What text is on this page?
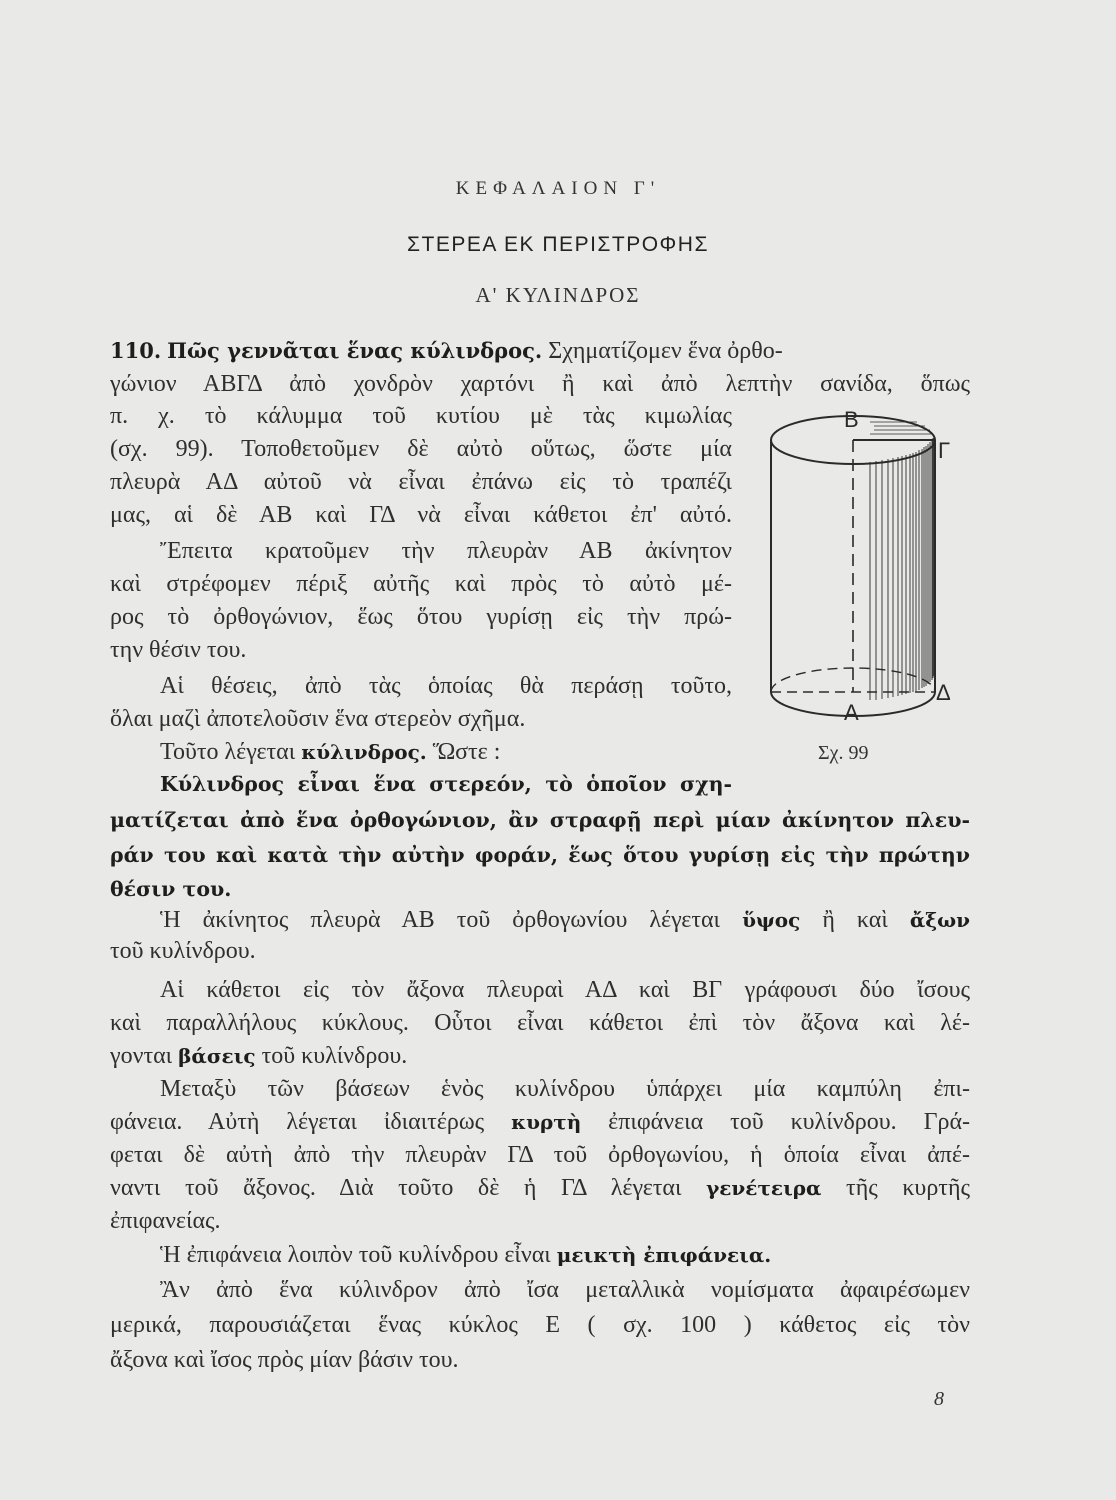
ΚΕΦΑΛΑΙΟΝ Γ'
ΣΤΕΡΕΑ ΕΚ ΠΕΡΙΣΤΡΟΦΗΣ
Α' ΚΥΛΙΝΔΡΟΣ
110. Πῶς γεννᾶται ἕνας κύλινδρος. Σχηματίζομεν ἕνα ὀρθο-
γώνιον ΑΒΓΔ ἀπὸ χονδρὸν χαρτόνι ἢ καὶ ἀπὸ λεπτὴν σανίδα, ὅπως
π. χ. τὸ κάλυμμα τοῦ κυτίου μὲ τὰς κιμωλίας
(σχ. 99). Τοποθετοῦμεν δὲ αὐτὸ οὕτως, ὥστε μία
πλευρὰ ΑΔ αὐτοῦ νὰ εἶναι ἐπάνω εἰς τὸ τραπέζι
μας, αἱ δὲ ΑΒ καὶ ΓΔ νὰ εἶναι κάθετοι ἐπ' αὐτό.
Ἔπειτα κρατοῦμεν τὴν πλευρὰν ΑΒ ἀκίνητον
καὶ στρέφομεν πέριξ αὐτῆς καὶ πρὸς τὸ αὐτὸ μέ-
ρος τὸ ὀρθογώνιον, ἕως ὅτου γυρίσῃ εἰς τὴν πρώ-
την θέσιν του.
Αἱ θέσεις, ἀπὸ τὰς ὁποίας θὰ περάσῃ τοῦτο,
ὅλαι μαζὶ ἀποτελοῦσιν ἕνα στερεὸν σχῆμα.
Τοῦτο λέγεται κύλινδρος. Ὥστε :
Κύλινδρος εἶναι ἕνα στερεόν, τὸ ὁποῖον σχη-
ματίζεται ἀπὸ ἕνα ὀρθογώνιον, ἂν στραφῇ περὶ μίαν ἀκίνητον πλευ-
ράν του καὶ κατὰ τὴν αὐτὴν φοράν, ἕως ὅτου γυρίσῃ εἰς τὴν πρώτην
θέσιν του.
Ἡ ἀκίνητος πλευρὰ ΑΒ τοῦ ὀρθογωνίου λέγεται ὕψος ἢ καὶ ἄξων
τοῦ κυλίνδρου.
Αἱ κάθετοι εἰς τὸν ἄξονα πλευραὶ ΑΔ καὶ ΒΓ γράφουσι δύο ἴσους
καὶ παραλλήλους κύκλους. Οὗτοι εἶναι κάθετοι ἐπὶ τὸν ἄξονα καὶ λέ-
γονται βάσεις τοῦ κυλίνδρου.
Μεταξὺ τῶν βάσεων ἑνὸς κυλίνδρου ὑπάρχει μία καμπύλη ἐπι-
φάνεια. Αὐτὴ λέγεται ἰδιαιτέρως κυρτὴ ἐπιφάνεια τοῦ κυλίνδρου. Γρά-
φεται δὲ αὐτὴ ἀπὸ τὴν πλευρὰν ΓΔ τοῦ ὀρθογωνίου, ἡ ὁποία εἶναι ἀπέ-
ναντι τοῦ ἄξονος. Διὰ τοῦτο δὲ ἡ ΓΔ λέγεται γενέτειρα τῆς κυρτῆς
ἐπιφανείας.
Ἡ ἐπιφάνεια λοιπὸν τοῦ κυλίνδρου εἶναι μεικτὴ ἐπιφάνεια.
Ἂν ἀπὸ ἕνα κύλινδρον ἀπὸ ἴσα μεταλλικὰ νομίσματα ἀφαιρέσωμεν
μερικά, παρουσιάζεται ἕνας κύκλος Ε ( σχ. 100 ) κάθετος εἰς τὸν
ἄξονα καὶ ἴσος πρὸς μίαν βάσιν του.
Β
Γ
Α
Δ
Σχ. 99
8
